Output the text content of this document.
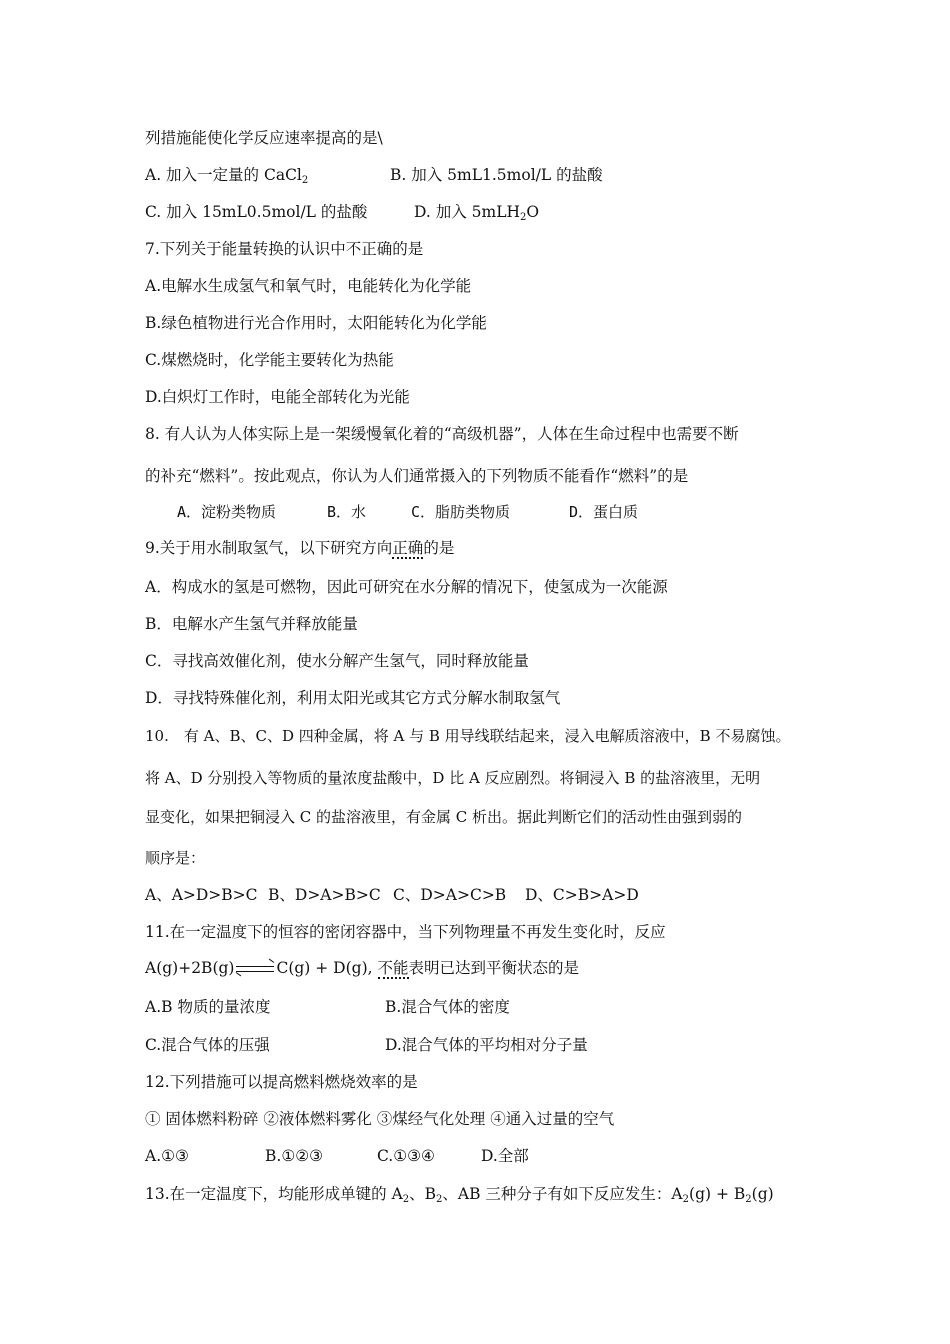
列措施能使化学反应速率提高的是\
A. 加入一定量的 CaCl$_2$	B. 加入 5mL1.5mol/L 的盐酸
C. 加入 15mL0.5mol/L 的盐酸	D. 加入 5mLH$_2$O
7.下列关于能量转换的认识中不正确的是
A.电解水生成氢气和氧气时，电能转化为化学能
B.绿色植物进行光合作用时，太阳能转化为化学能
C.煤燃烧时，化学能主要转化为热能
D.白炽灯工作时，电能全部转化为光能
8. 有人认为人体实际上是一架缓慢氧化着的“高级机器”，人体在生命过程中也需要不断
的补充“燃料”。按此观点，你认为人们通常摄入的下列物质不能看作“燃料”的是
A．淀粉类物质	B．水	C．脂肪类物质	D．蛋白质
9.关于用水制取氢气，以下研究方向正确的是
A．构成水的氢是可燃物，因此可研究在水分解的情况下，使氢成为一次能源
B．电解水产生氢气并释放能量
C．寻找高效催化剂，使水分解产生氢气，同时释放能量
D．寻找特殊催化剂，利用太阳光或其它方式分解水制取氢气
10.　有 A、B、C、D 四种金属，将 A 与 B 用导线联结起来，浸入电解质溶液中，B 不易腐蚀。
将 A、D 分别投入等物质的量浓度盐酸中，D 比 A 反应剧烈。将铜浸入 B 的盐溶液里，无明
显变化，如果把铜浸入 C 的盐溶液里，有金属 C 析出。据此判断它们的活动性由强到弱的
顺序是：
A、A>D>B>C B、D>A>B>C C、D>A>C>B D、C>B>A>D
11.在一定温度下的恒容的密闭容器中，当下列物理量不再发生变化时，反应
A(g)+2B(g) ⇌ C(g) + D(g), 不能表明已达到平衡状态的是
A.B 物质的量浓度	B.混合气体的密度
C.混合气体的压强	D.混合气体的平均相对分子量
12.下列措施可以提高燃料燃烧效率的是
① 固体燃料粉碎 ②液体燃料雾化 ③煤经气化处理 ④通入过量的空气
A.①③	B.①②③	C.①③④	D.全部
13.在一定温度下，均能形成单键的 $A_2$、$B_2$、AB 三种分子有如下反应发生：$A_2(g) + B_2(g)$
